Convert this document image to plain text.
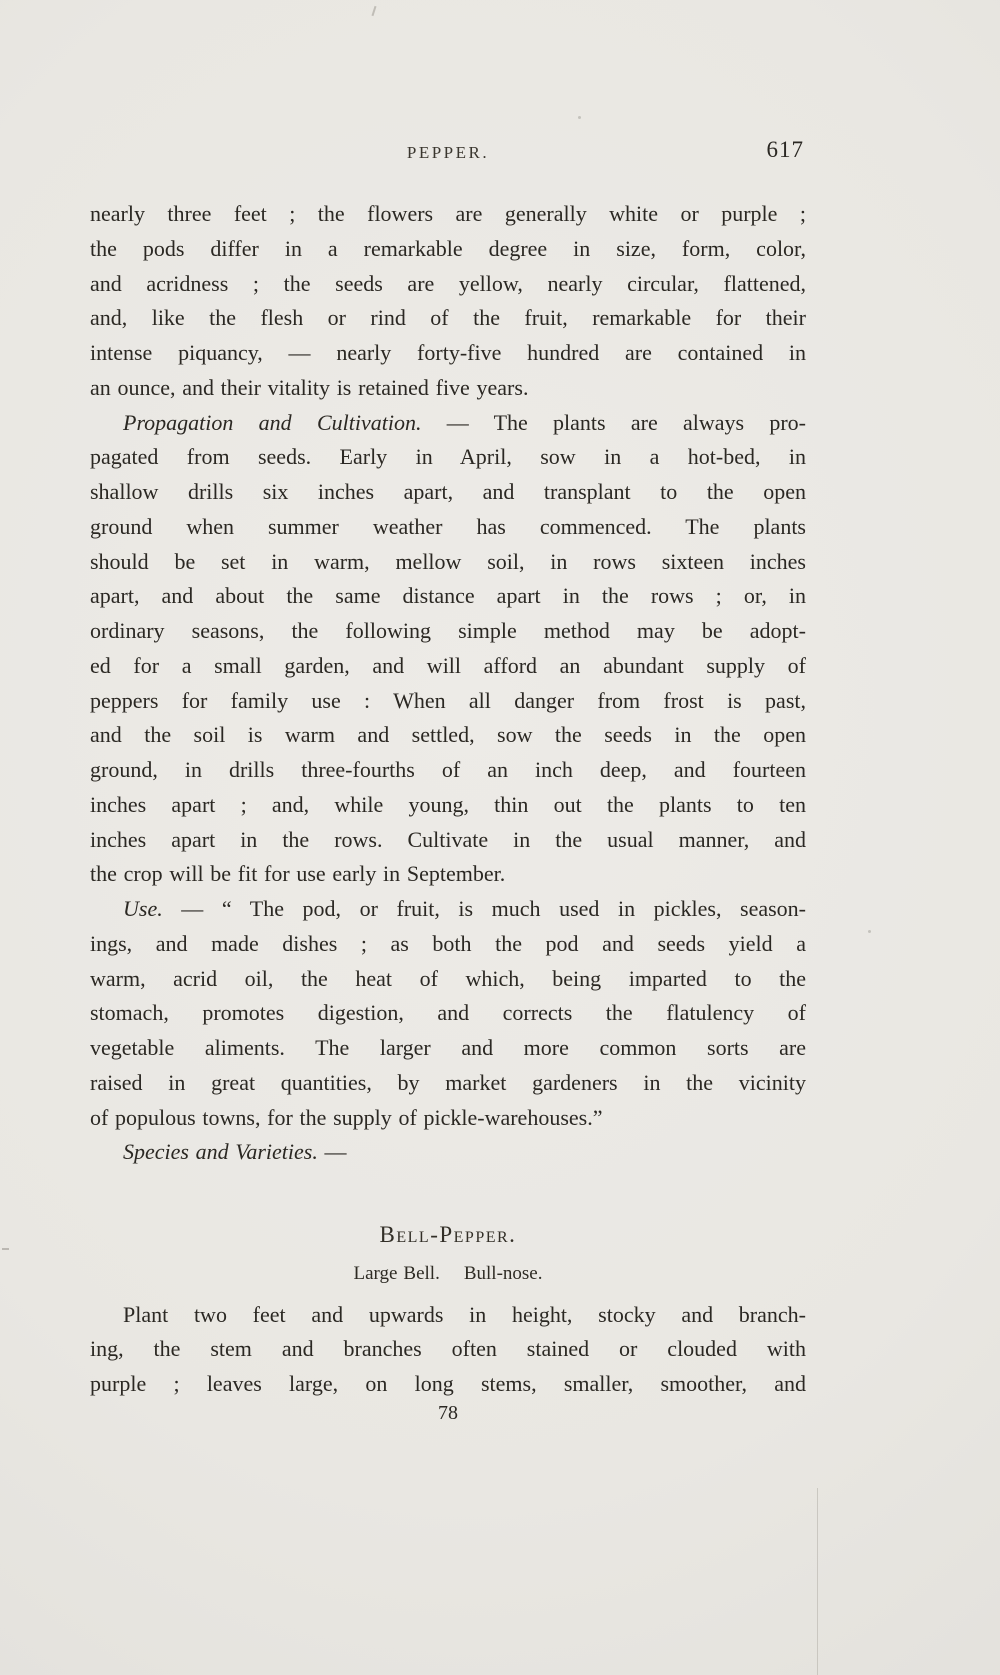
PEPPER.	617
nearly three feet ; the flowers are generally white or purple ;
the pods differ in a remarkable degree in size, form, color,
and acridness ; the seeds are yellow, nearly circular, flattened,
and, like the flesh or rind of the fruit, remarkable for their
intense piquancy, — nearly forty-five hundred are contained in
an ounce, and their vitality is retained five years.
Propagation and Cultivation. — The plants are always pro-
pagated from seeds. Early in April, sow in a hot-bed, in
shallow drills six inches apart, and transplant to the open
ground when summer weather has commenced. The plants
should be set in warm, mellow soil, in rows sixteen inches
apart, and about the same distance apart in the rows ; or, in
ordinary seasons, the following simple method may be adopt-
ed for a small garden, and will afford an abundant supply of
peppers for family use : When all danger from frost is past,
and the soil is warm and settled, sow the seeds in the open
ground, in drills three-fourths of an inch deep, and fourteen
inches apart ; and, while young, thin out the plants to ten
inches apart in the rows. Cultivate in the usual manner, and
the crop will be fit for use early in September.
Use. — “ The pod, or fruit, is much used in pickles, season-
ings, and made dishes ; as both the pod and seeds yield a
warm, acrid oil, the heat of which, being imparted to the
stomach, promotes digestion, and corrects the flatulency of
vegetable aliments. The larger and more common sorts are
raised in great quantities, by market gardeners in the vicinity
of populous towns, for the supply of pickle-warehouses.”
Species and Varieties. —
Bell-Pepper.
Large Bell. Bull-nose.
Plant two feet and upwards in height, stocky and branch-
ing, the stem and branches often stained or clouded with
purple ; leaves large, on long stems, smaller, smoother, and
78
